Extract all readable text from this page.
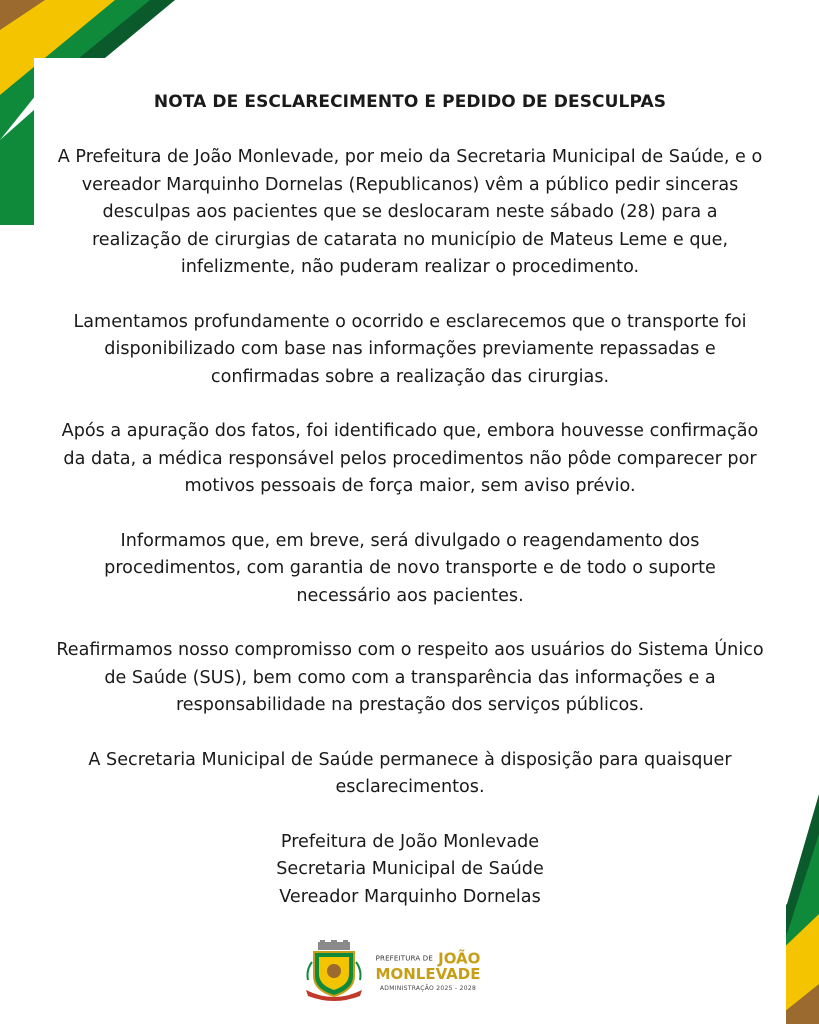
NOTA DE ESCLARECIMENTO E PEDIDO DE DESCULPAS

A Prefeitura de João Monlevade, por meio da Secretaria Municipal de Saúde, e o vereador Marquinho Dornelas (Republicanos) vêm a público pedir sinceras desculpas aos pacientes que se deslocaram neste sábado (28) para a realização de cirurgias de catarata no município de Mateus Leme e que, infelizmente, não puderam realizar o procedimento.

Lamentamos profundamente o ocorrido e esclarecemos que o transporte foi disponibilizado com base nas informações previamente repassadas e confirmadas sobre a realização das cirurgias.

Após a apuração dos fatos, foi identificado que, embora houvesse confirmação da data, a médica responsável pelos procedimentos não pôde comparecer por motivos pessoais de força maior, sem aviso prévio.

Informamos que, em breve, será divulgado o reagendamento dos procedimentos, com garantia de novo transporte e de todo o suporte necessário aos pacientes.

Reafirmamos nosso compromisso com o respeito aos usuários do Sistema Único de Saúde (SUS), bem como com a transparência das informações e a responsabilidade na prestação dos serviços públicos.

A Secretaria Municipal de Saúde permanece à disposição para quaisquer esclarecimentos.

Prefeitura de João Monlevade
Secretaria Municipal de Saúde
Vereador Marquinho Dornelas
PREFEITURA DE JOÃO
MONLEVADE
ADMINISTRAÇÃO 2025 - 2028
